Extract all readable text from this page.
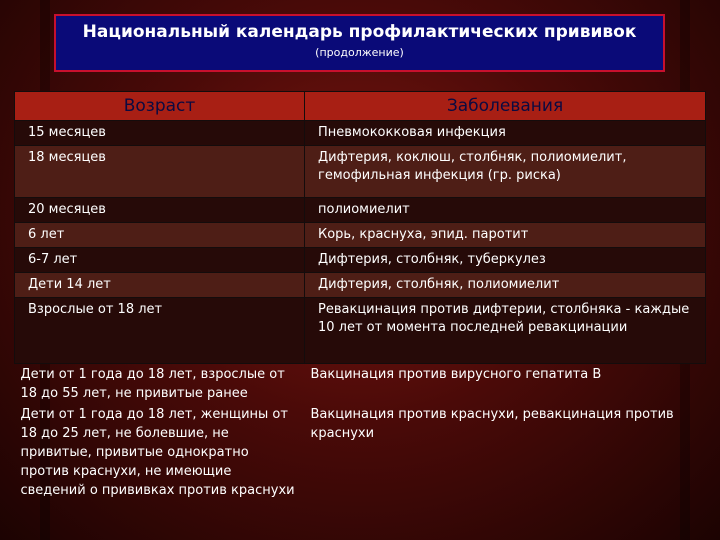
Национальный календарь профилактических прививок
(продолжение)
Возраст	Заболевания
15 месяцев	Пневмококковая инфекция
18 месяцев	Дифтерия, коклюш, столбняк, полиомиелит, гемофильная инфекция (гр. риска)
20 месяцев	полиомиелит
6 лет	Корь, краснуха, эпид. паротит
6-7 лет	Дифтерия, столбняк, туберкулез
Дети 14 лет	Дифтерия, столбняк, полиомиелит
Взрослые от 18 лет	Ревакцинация против дифтерии, столбняка - каждые 10 лет от момента последней ревакцинации
Дети от 1 года до 18 лет, взрослые от 18 до 55 лет, не привитые ранее	Вакцинация против вирусного гепатита В
Дети от 1 года до 18 лет, женщины от 18 до 25 лет, не болевшие, не привитые, привитые однократно против краснухи, не имеющие сведений о прививках против краснухи	Вакцинация против краснухи, ревакцинация против краснухи
